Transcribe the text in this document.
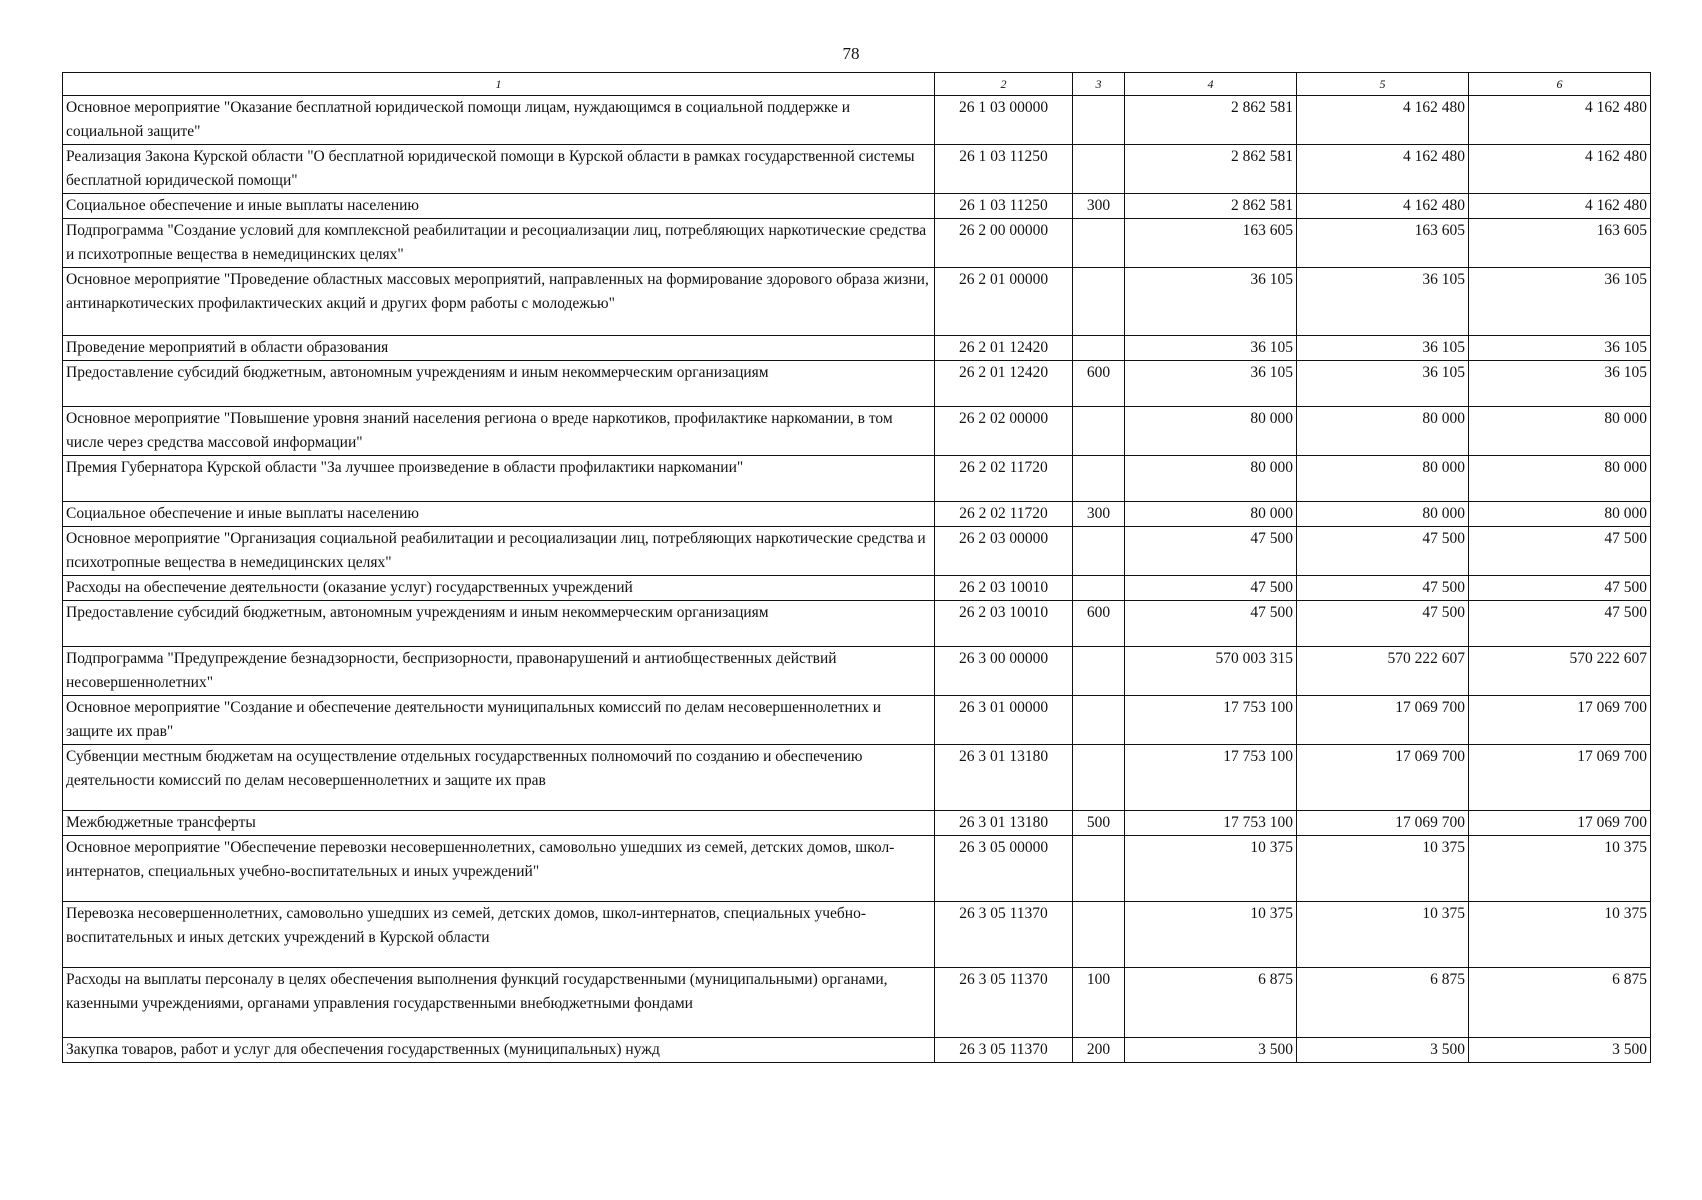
78
1	2	3	4	5	6
Основное мероприятие "Оказание бесплатной юридической помощи лицам, нуждающимся в социальной поддержке и социальной защите"	26 1 03 00000		2 862 581	4 162 480	4 162 480
Реализация Закона Курской области "О бесплатной юридической помощи в Курской области в рамках государственной системы бесплатной юридической помощи"	26 1 03 11250		2 862 581	4 162 480	4 162 480
Социальное обеспечение и иные выплаты населению	26 1 03 11250	300	2 862 581	4 162 480	4 162 480
Подпрограмма "Создание условий для комплексной реабилитации и ресоциализации лиц, потребляющих наркотические средства и психотропные вещества в немедицинских целях"	26 2 00 00000		163 605	163 605	163 605
Основное мероприятие "Проведение областных массовых мероприятий, направленных на формирование здорового образа жизни, антинаркотических профилактических акций и других форм работы с молодежью"	26 2 01 00000		36 105	36 105	36 105
Проведение мероприятий в области образования	26 2 01 12420		36 105	36 105	36 105
Предоставление субсидий бюджетным, автономным учреждениям и иным некоммерческим организациям	26 2 01 12420	600	36 105	36 105	36 105
Основное мероприятие "Повышение уровня знаний населения региона о вреде наркотиков, профилактике наркомании, в том числе через средства массовой информации"	26 2 02 00000		80 000	80 000	80 000
Премия Губернатора Курской области "За лучшее произведение в области профилактики наркомании"	26 2 02 11720		80 000	80 000	80 000
Социальное обеспечение и иные выплаты населению	26 2 02 11720	300	80 000	80 000	80 000
Основное мероприятие "Организация социальной реабилитации и ресоциализации лиц, потребляющих наркотические средства и психотропные вещества в немедицинских целях"	26 2 03 00000		47 500	47 500	47 500
Расходы на обеспечение деятельности (оказание услуг) государственных учреждений	26 2 03 10010		47 500	47 500	47 500
Предоставление субсидий бюджетным, автономным учреждениям и иным некоммерческим организациям	26 2 03 10010	600	47 500	47 500	47 500
Подпрограмма "Предупреждение безнадзорности, беспризорности, правонарушений и антиобщественных действий несовершеннолетних"	26 3 00 00000		570 003 315	570 222 607	570 222 607
Основное мероприятие "Создание и обеспечение деятельности муниципальных комиссий по делам несовершеннолетних и защите их прав"	26 3 01 00000		17 753 100	17 069 700	17 069 700
Субвенции местным бюджетам на осуществление отдельных государственных полномочий по созданию и обеспечению деятельности комиссий по делам несовершеннолетних и защите их прав	26 3 01 13180		17 753 100	17 069 700	17 069 700
Межбюджетные трансферты	26 3 01 13180	500	17 753 100	17 069 700	17 069 700
Основное мероприятие "Обеспечение перевозки несовершеннолетних, самовольно ушедших из семей, детских домов, школ-интернатов, специальных учебно-воспитательных и иных учреждений"	26 3 05 00000		10 375	10 375	10 375
Перевозка несовершеннолетних, самовольно ушедших из семей, детских домов, школ-интернатов, специальных учебно-воспитательных и иных детских учреждений в Курской области	26 3 05 11370		10 375	10 375	10 375
Расходы на выплаты персоналу в целях обеспечения выполнения функций государственными (муниципальными) органами, казенными учреждениями, органами управления государственными внебюджетными фондами	26 3 05 11370	100	6 875	6 875	6 875
Закупка товаров, работ и услуг для обеспечения государственных (муниципальных) нужд	26 3 05 11370	200	3 500	3 500	3 500
